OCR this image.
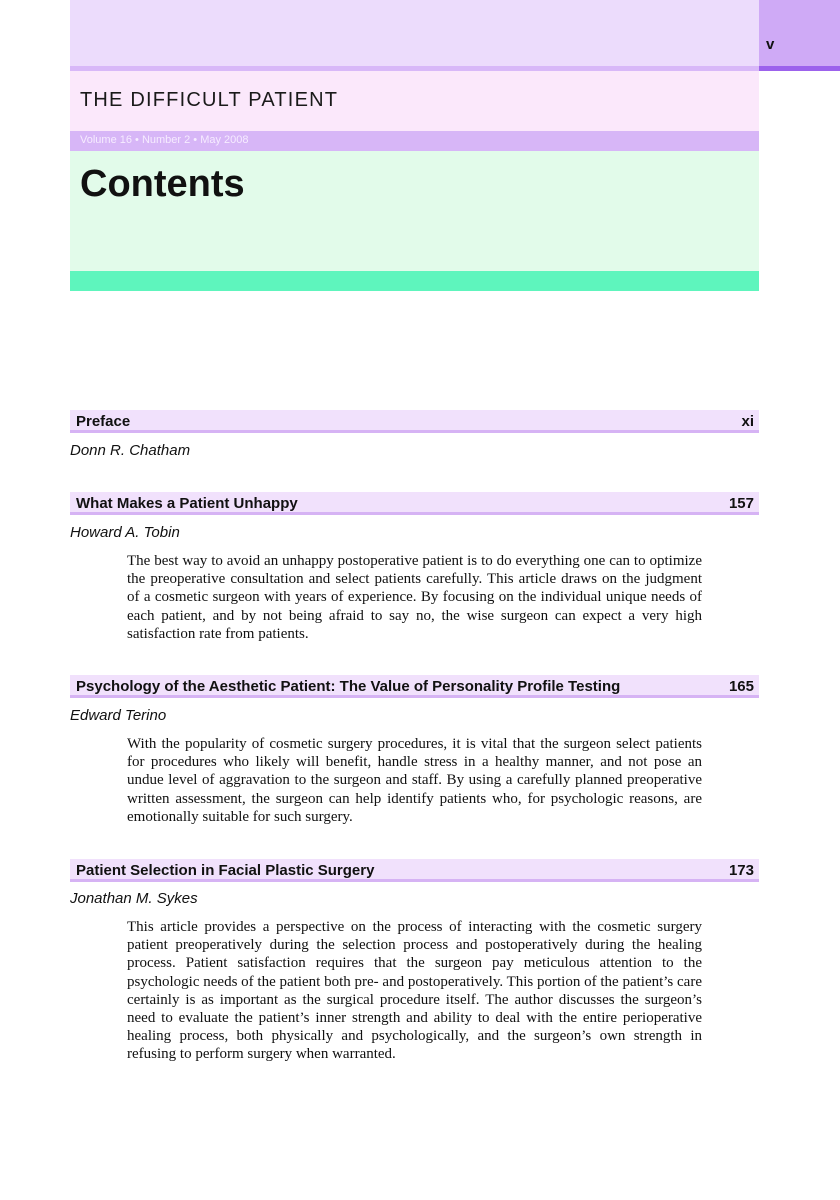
v
THE DIFFICULT PATIENT
Volume 16 • Number 2 • May 2008
Contents
Preface	xi
Donn R. Chatham
What Makes a Patient Unhappy	157
Howard A. Tobin

The best way to avoid an unhappy postoperative patient is to do everything one can to optimize the preoperative consultation and select patients carefully. This article draws on the judgment of a cosmetic surgeon with years of experience. By focusing on the individual unique needs of each patient, and by not being afraid to say no, the wise surgeon can expect a very high satisfaction rate from patients.

Psychology of the Aesthetic Patient: The Value of Personality Profile Testing	165
Edward Terino

With the popularity of cosmetic surgery procedures, it is vital that the surgeon select patients for procedures who likely will benefit, handle stress in a healthy manner, and not pose an undue level of aggravation to the surgeon and staff. By using a carefully planned preoperative written assessment, the surgeon can help identify patients who, for psychologic reasons, are emotionally suitable for such surgery.

Patient Selection in Facial Plastic Surgery	173
Jonathan M. Sykes

This article provides a perspective on the process of interacting with the cosmetic surgery patient preoperatively during the selection process and postoperatively during the healing process. Patient satisfaction requires that the surgeon pay meticulous attention to the psychologic needs of the patient both pre- and postoperatively. This portion of the patient’s care certainly is as important as the surgical procedure itself. The author discusses the surgeon’s need to evaluate the patient’s inner strength and ability to deal with the entire perioperative healing process, both physically and psychologically, and the surgeon’s own strength in refusing to perform surgery when warranted.
